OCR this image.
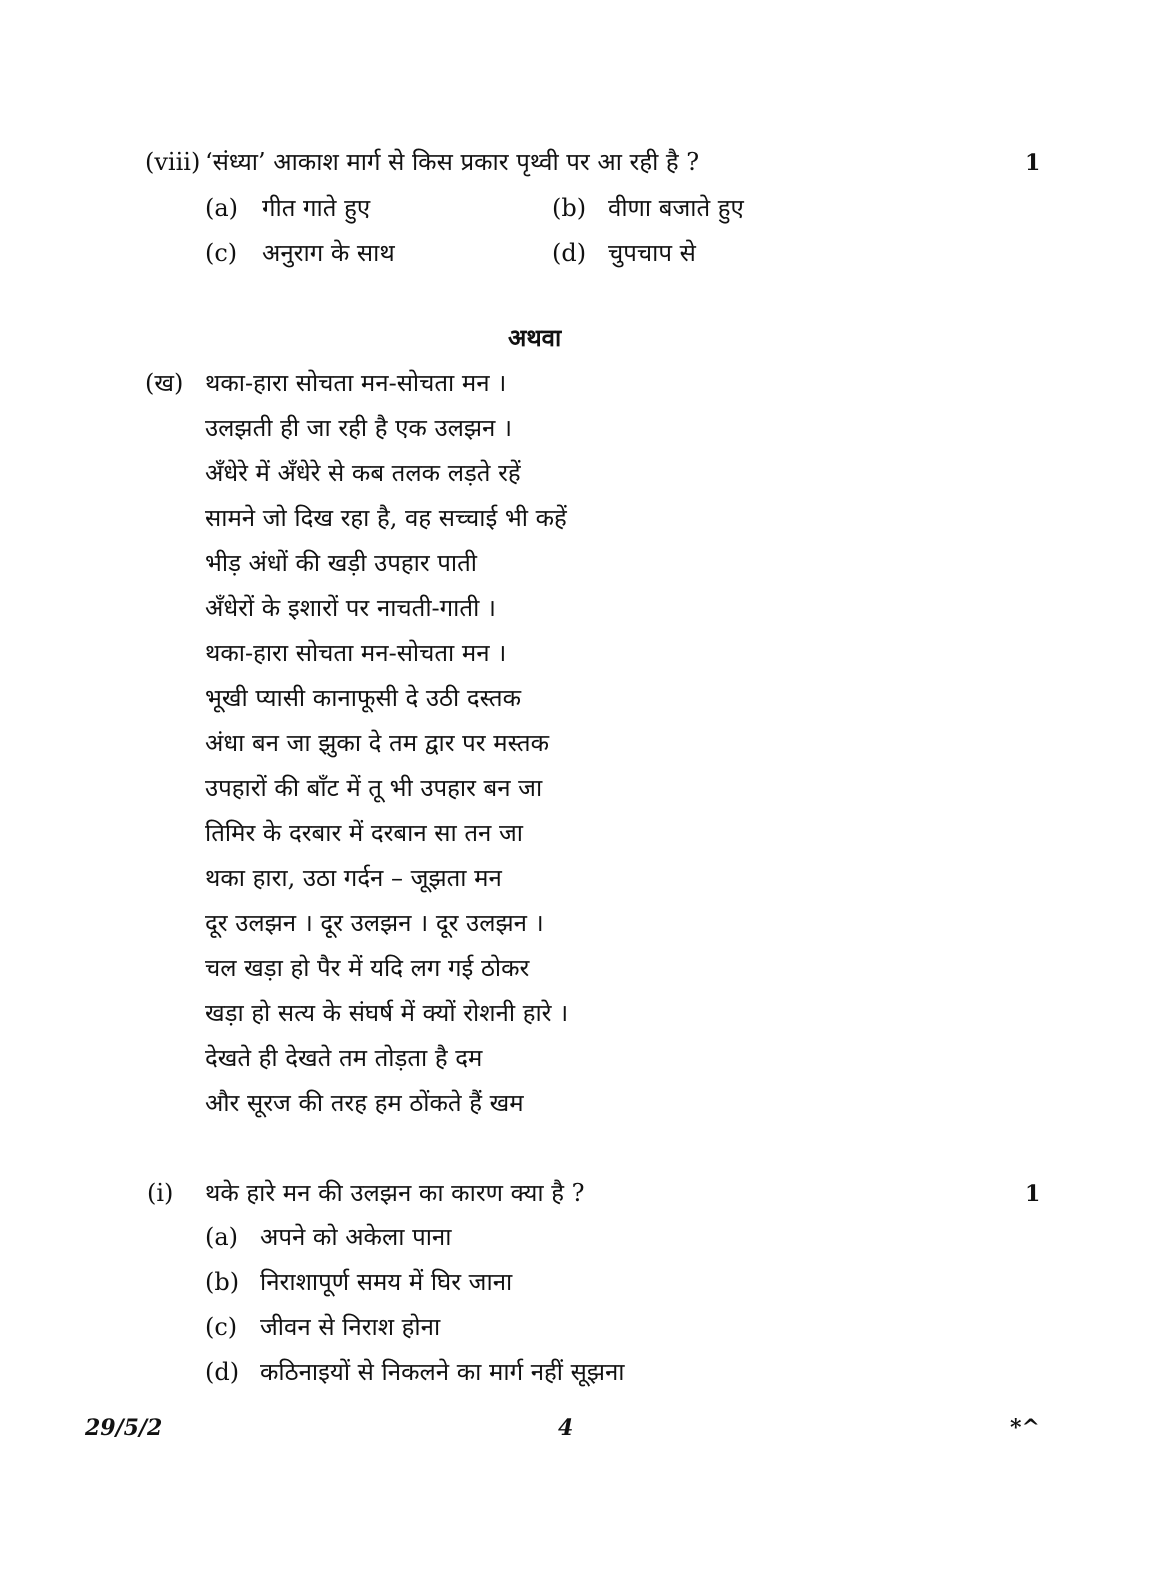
(viii) ‘संध्या’ आकाश मार्ग से किस प्रकार पृथ्वी पर आ रही है ?	1
(a) गीत गाते हुए	(b) वीणा बजाते हुए
(c) अनुराग के साथ	(d) चुपचाप से
अथवा
(ख) थका-हारा सोचता मन-सोचता मन ।
उलझती ही जा रही है एक उलझन ।
अँधेरे में अँधेरे से कब तलक लड़ते रहें
सामने जो दिख रहा है, वह सच्चाई भी कहें
भीड़ अंधों की खड़ी उपहार पाती
अँधेरों के इशारों पर नाचती-गाती ।
थका-हारा सोचता मन-सोचता मन ।
भूखी प्यासी कानाफूसी दे उठी दस्तक
अंधा बन जा झुका दे तम द्वार पर मस्तक
उपहारों की बाँट में तू भी उपहार बन जा
तिमिर के दरबार में दरबान सा तन जा
थका हारा, उठा गर्दन – जूझता मन
दूर उलझन । दूर उलझन । दूर उलझन ।
चल खड़ा हो पैर में यदि लग गई ठोकर
खड़ा हो सत्य के संघर्ष में क्यों रोशनी हारे ।
देखते ही देखते तम तोड़ता है दम
और सूरज की तरह हम ठोंकते हैं खम
(i) थके हारे मन की उलझन का कारण क्या है ?	1
(a) अपने को अकेला पाना
(b) निराशापूर्ण समय में घिर जाना
(c) जीवन से निराश होना
(d) कठिनाइयों से निकलने का मार्ग नहीं सूझना
29/5/2	4	*^
